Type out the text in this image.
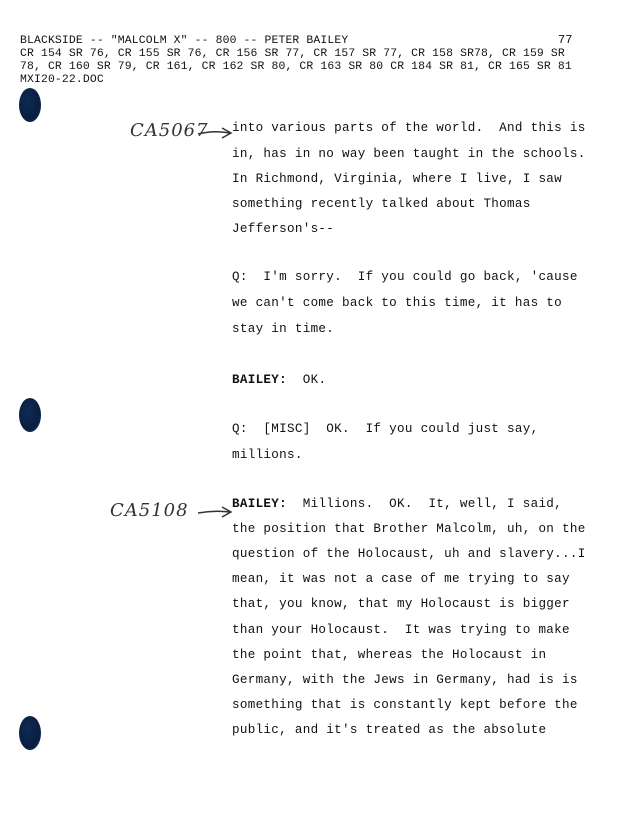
BLACKSIDE -- "MALCOLM X" -- 800 -- PETER BAILEY	77
CR 154 SR 76, CR 155 SR 76, CR 156 SR 77, CR 157 SR 77, CR 158 SR78, CR 159 SR
78, CR 160 SR 79, CR 161, CR 162 SR 80, CR 163 SR 80 CR 184 SR 81, CR 165 SR 81
MXI20-22.DOC
CA5067
CA5108
into various parts of the world.  And this is
in, has in no way been taught in the schools.
In Richmond, Virginia, where I live, I saw
something recently talked about Thomas
Jefferson's--
Q:  I'm sorry.  If you could go back, 'cause
we can't come back to this time, it has to
stay in time.
BAILEY:  OK.
Q:  [MISC]  OK.  If you could just say,
millions.
BAILEY:  Millions.  OK.  It, well, I said,
the position that Brother Malcolm, uh, on the
question of the Holocaust, uh and slavery...I
mean, it was not a case of me trying to say
that, you know, that my Holocaust is bigger
than your Holocaust.  It was trying to make
the point that, whereas the Holocaust in
Germany, with the Jews in Germany, had is is
something that is constantly kept before the
public, and it's treated as the absolute
